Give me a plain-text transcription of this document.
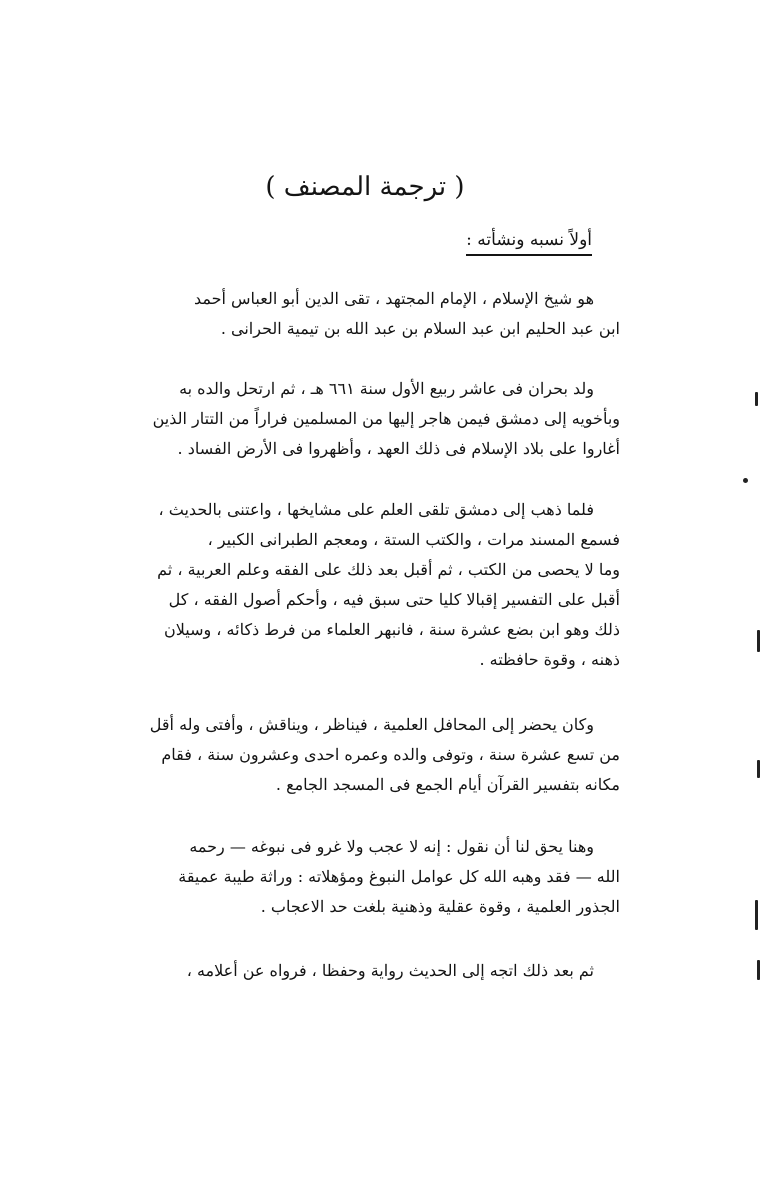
( ترجمة المصنف )
أولاً نسبه ونشأته :
هو شيخ الإسلام ، الإمام المجتهد ، تقى الدين أبو العباس أحمد
ابن عبد الحليم ابن عبد السلام بن عبد الله بن تيمية الحرانى .
ولد بحران فى عاشر ربيع الأول سنة ٦٦١ هـ ، ثم ارتحل والده به
وبأخويه إلى دمشق فيمن هاجر إليها من المسلمين فراراً من التتار الذين
أغاروا على بلاد الإسلام فى ذلك العهد ، وأظهروا فى الأرض الفساد .
فلما ذهب إلى دمشق تلقى العلم على مشايخها ، واعتنى بالحديث ،
فسمع المسند مرات ، والكتب الستة ، ومعجم الطبرانى الكبير ،
وما لا يحصى من الكتب ، ثم أقبل بعد ذلك على الفقه وعلم العربية ، ثم
أقبل على التفسير إقبالا كليا حتى سبق فيه ، وأحكم أصول الفقه ، كل
ذلك وهو ابن بضع عشرة سنة ، فانبهر العلماء من فرط ذكائه ، وسيلان
ذهنه ، وقوة حافظته .
وكان يحضر إلى المحافل العلمية ، فيناظر ، ويناقش ، وأفتى وله أقل
من تسع عشرة سنة ، وتوفى والده وعمره احدى وعشرون سنة ، فقام
مكانه بتفسير القرآن أيام الجمع فى المسجد الجامع .
وهنا يحق لنا أن نقول : إنه لا عجب ولا غرو فى نبوغه — رحمه
الله — فقد وهبه الله كل عوامل النبوغ ومؤهلاته : وراثة طيبة عميقة
الجذور العلمية ، وقوة عقلية وذهنية بلغت حد الاعجاب .
ثم بعد ذلك اتجه إلى الحديث رواية وحفظا ، فرواه عن أعلامه ،
